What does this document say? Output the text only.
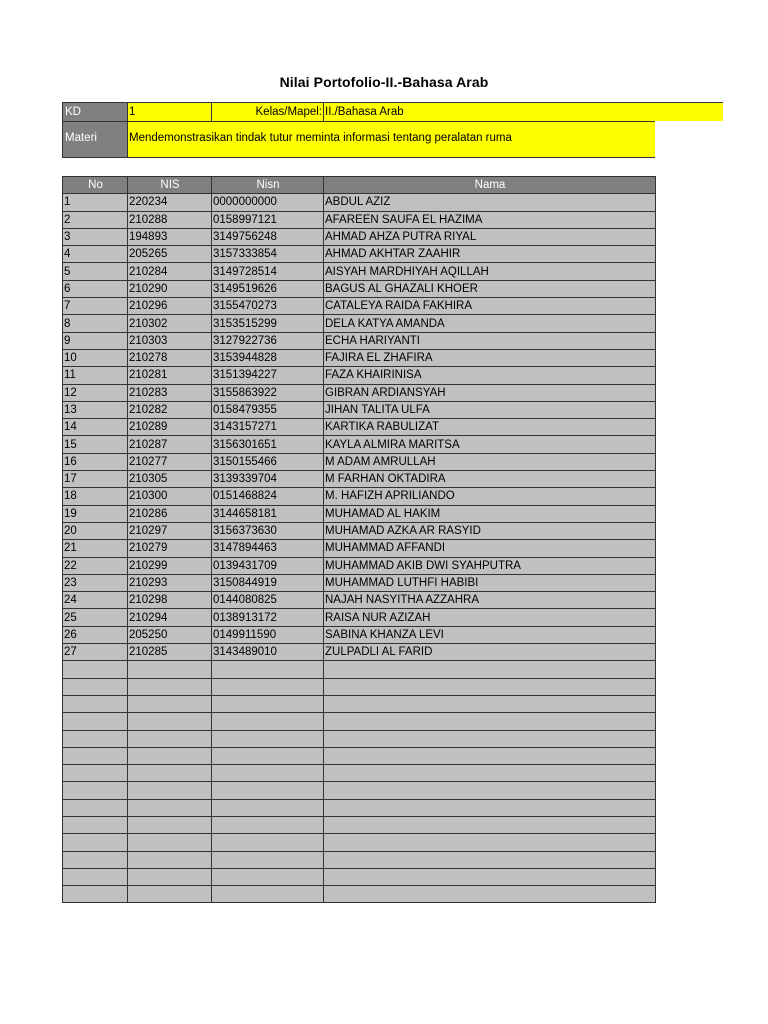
Nilai Portofolio-II.-Bahasa Arab
KD	1	Kelas/Mapel: II./Bahasa Arab
Materi	Mendemonstrasikan tindak tutur meminta informasi tentang peralatan ruma
No	NIS	Nisn	Nama
1	220234	0000000000	ABDUL AZIZ
2	210288	0158997121	AFAREEN SAUFA EL HAZIMA
3	194893	3149756248	AHMAD AHZA PUTRA RIYAL
4	205265	3157333854	AHMAD AKHTAR ZAAHIR
5	210284	3149728514	AISYAH MARDHIYAH AQILLAH
6	210290	3149519626	BAGUS AL GHAZALI KHOER
7	210296	3155470273	CATALEYA RAIDA FAKHIRA
8	210302	3153515299	DELA KATYA AMANDA
9	210303	3127922736	ECHA HARIYANTI
10	210278	3153944828	FAJIRA EL ZHAFIRA
11	210281	3151394227	FAZA KHAIRINISA
12	210283	3155863922	GIBRAN ARDIANSYAH
13	210282	0158479355	JIHAN TALITA ULFA
14	210289	3143157271	KARTIKA RABULIZAT
15	210287	3156301651	KAYLA ALMIRA MARITSA
16	210277	3150155466	M ADAM AMRULLAH
17	210305	3139339704	M FARHAN OKTADIRA
18	210300	0151468824	M. HAFIZH APRILIANDO
19	210286	3144658181	MUHAMAD AL HAKIM
20	210297	3156373630	MUHAMAD AZKA AR RASYID
21	210279	3147894463	MUHAMMAD AFFANDI
22	210299	0139431709	MUHAMMAD AKIB DWI SYAHPUTRA
23	210293	3150844919	MUHAMMAD LUTHFI HABIBI
24	210298	0144080825	NAJAH NASYITHA AZZAHRA
25	210294	0138913172	RAISA NUR AZIZAH
26	205250	0149911590	SABINA KHANZA LEVI
27	210285	3143489010	ZULPADLI AL FARID
